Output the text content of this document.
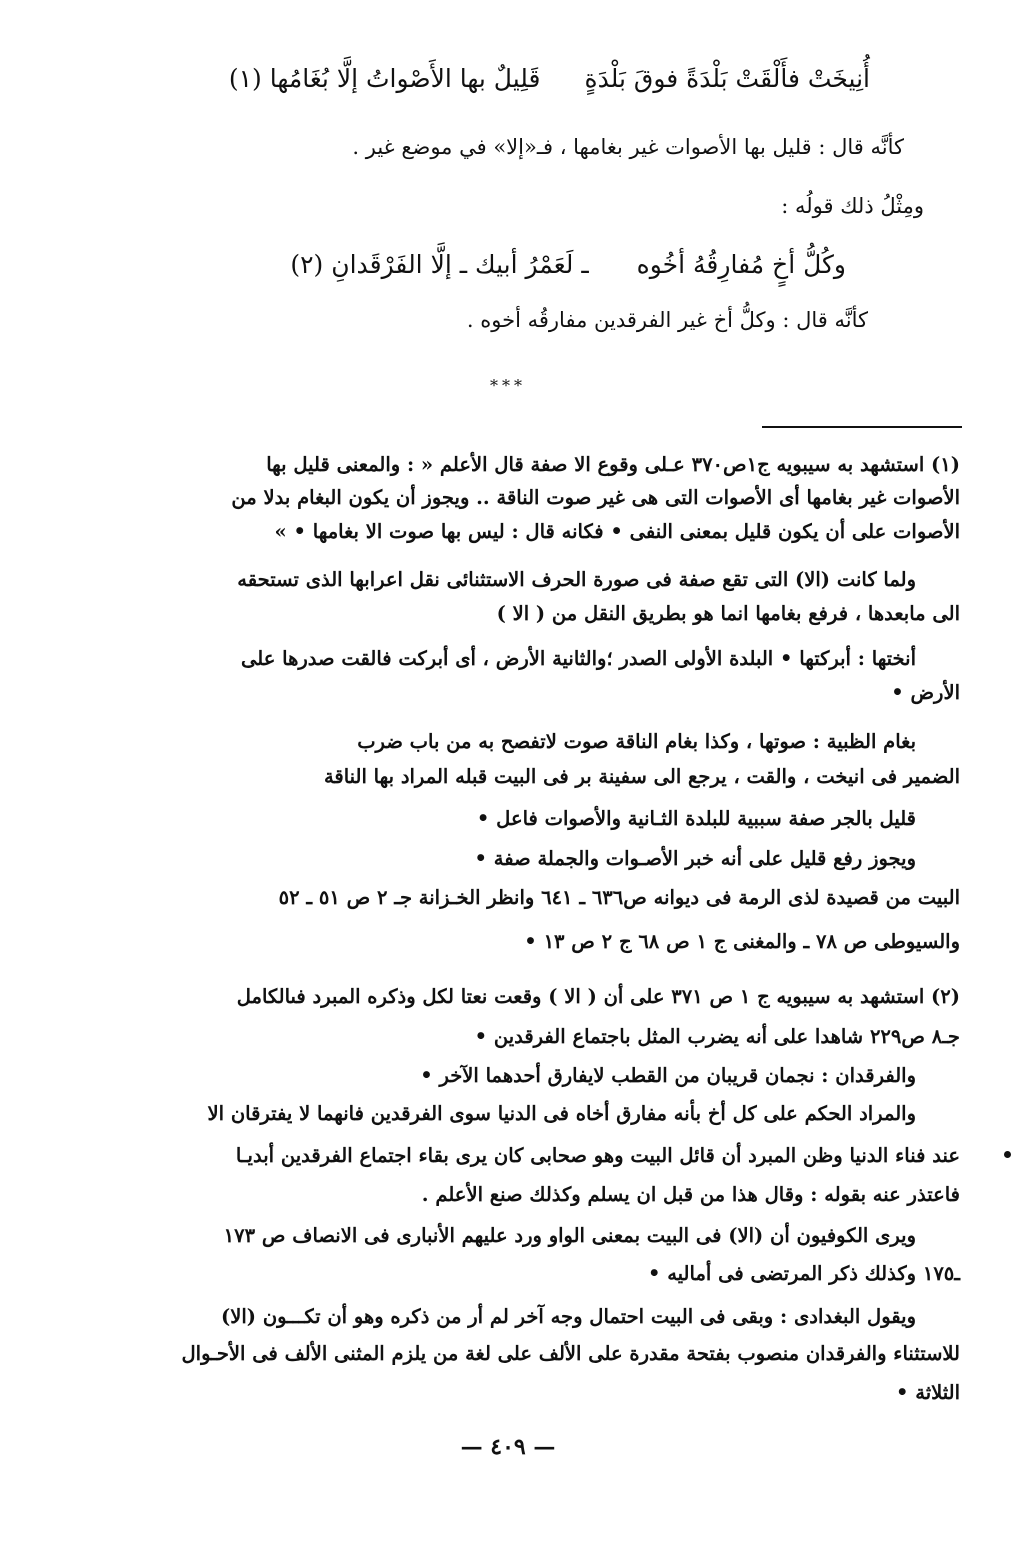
أُنِيخَتْ فأَلْقَتْ بَلْدَةً فوقَ بَلْدَةٍ
قَلِيلٌ بها الأَصْواتُ إلَّا بُغَامُها (١)
كأنَّه قال : قليل بها الأصوات غير بغامها ، فـ«إلا» في موضع غير .
ومِثْلُ ذلك قولُه :
وكُلُّ أخٍ مُفارِقُهُ أخُوه
ـ لَعَمْرُ أبيك ـ إلَّا الفَرْقَدانِ (٢)
كأنَّه قال : وكلُّ أخ غير الفرقدين مفارقُه أخوه .
***
(١) استشهد به سيبويه ج١ص٣٧٠ عـلى وقوع الا صفة قال الأعلم « : والمعنى قليل بها
الأصوات غير بغامها أى الأصوات التى هى غير صوت الناقة .. ويجوز أن يكون البغام بدلا من
الأصوات على أن يكون قليل بمعنى النفى • فكانه قال : ليس بها صوت الا بغامها • »
ولما كانت (الا) التى تقع صفة فى صورة الحرف الاستثنائى نقل اعرابها الذى تستحقه
الى مابعدها ، فرفع بغامها انما هو بطريق النقل من ( الا )
أنختها : أبركتها • البلدة الأولى الصدر ؛والثانية الأرض ، أى أبركت فالقت صدرها على
الأرض •
بغام الظبية : صوتها ، وكذا بغام الناقة صوت لاتفصح به من باب ضرب
الضمير فى انيخت ، والقت ، يرجع الى سفينة بر فى البيت قبله المراد بها الناقة
قليل بالجر صفة سببية للبلدة الثـانية والأصوات فاعل •
ويجوز رفع قليل على أنه خبر الأصـوات والجملة صفة •
البيت من قصيدة لذى الرمة فى ديوانه ص٦٣٦ ـ ٦٤١ وانظر الخـزانة جـ ٢ ص ٥١ ـ ٥٢
والسيوطى ص ٧٨ ـ والمغنى ج ١ ص ٦٨ ج ٢ ص ١٣ •
(٢) استشهد به سيبويه ج ١ ص ٣٧١ على أن ( الا ) وقعت نعتا لكل وذكره المبرد فىالكامل
جـ٨ ص٢٢٩ شاهدا على أنه يضرب المثل باجتماع الفرقدين •
والفرقدان : نجمان قريبان من القطب لايفارق أحدهما الآخر •
والمراد الحكم على كل أخ بأنه مفارق أخاه فى الدنيا سوى الفرقدين فانهما لا يفترقان الا
عند فناء الدنيا وظن المبرد أن قائل البيت وهو صحابى كان يرى بقاء اجتماع الفرقدين أبديـا
فاعتذر عنه بقوله : وقال هذا من قبل ان يسلم وكذلك صنع الأعلم .
ويرى الكوفيون أن (الا) فى البيت بمعنى الواو ورد عليهم الأنبارى فى الانصاف ص ١٧٣
ـ١٧٥ وكذلك ذكر المرتضى فى أماليه •
ويقول البغدادى : وبقى فى البيت احتمال وجه آخر لم أر من ذكره وهو أن تكـــون (الا)
للاستثناء والفرقدان منصوب بفتحة مقدرة على الألف على لغة من يلزم المثنى الألف فى الأحـوال
الثلاثة •
— ٤٠٩ —
